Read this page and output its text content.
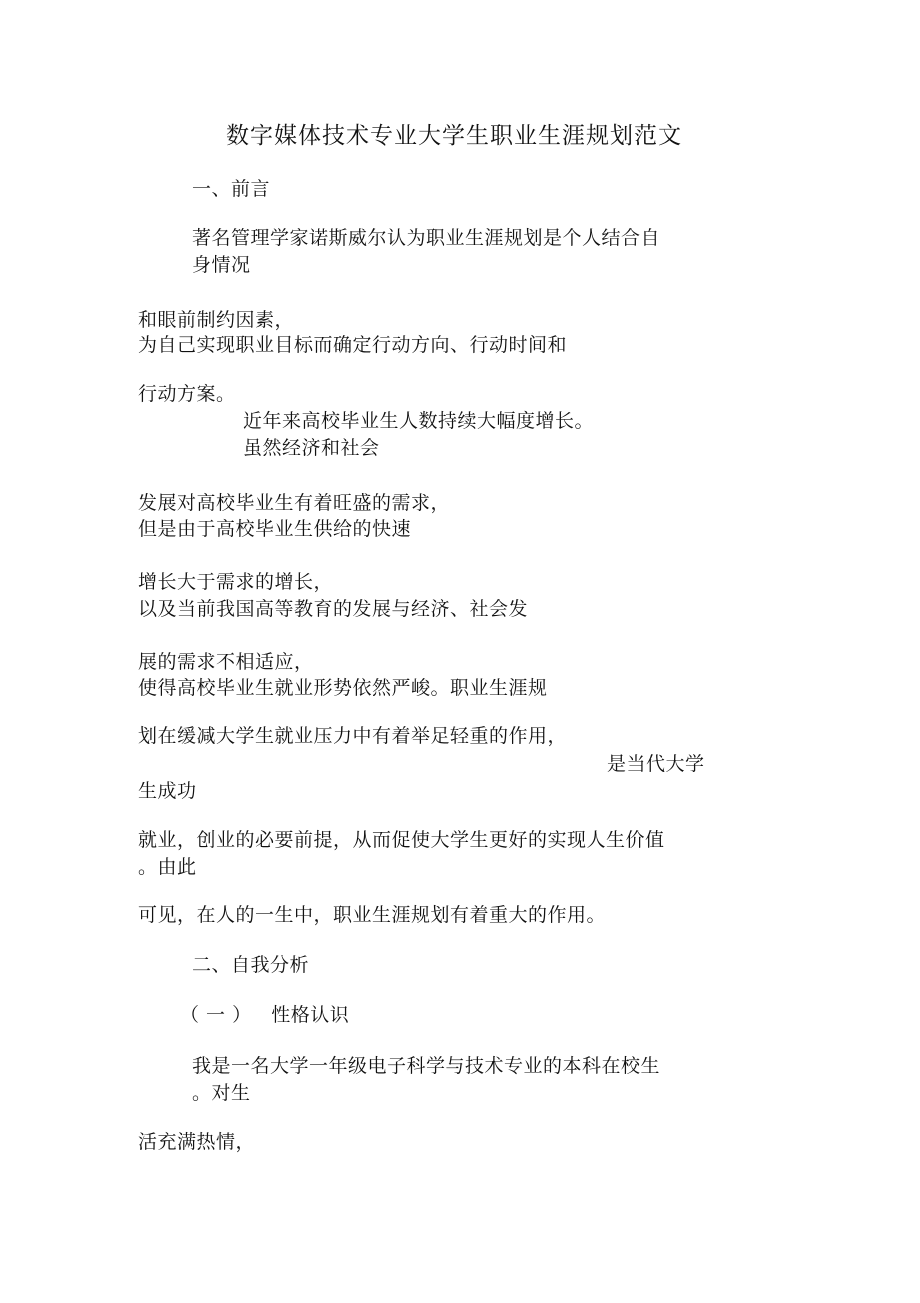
数字媒体技术专业大学生职业生涯规划范文
一、前言
著名管理学家诺斯威尔认为职业生涯规划是个人结合自
身情况
和眼前制约因素，
为自己实现职业目标而确定行动方向、行动时间和
行动方案。
近年来高校毕业生人数持续大幅度增长。
虽然经济和社会
发展对高校毕业生有着旺盛的需求，
但是由于高校毕业生供给的快速
增长大于需求的增长，
以及当前我国高等教育的发展与经济、社会发
展的需求不相适应，
使得高校毕业生就业形势依然严峻。职业生涯规
划在缓减大学生就业压力中有着举足轻重的作用，
是当代大学
生成功
就业，创业的必要前提，从而促使大学生更好的实现人生价值
。由此
可见，在人的一生中，职业生涯规划有着重大的作用。
二、自我分析
（ 一 ）   性格认识
我是一名大学一年级电子科学与技术专业的本科在校生
。对生
活充满热情，
